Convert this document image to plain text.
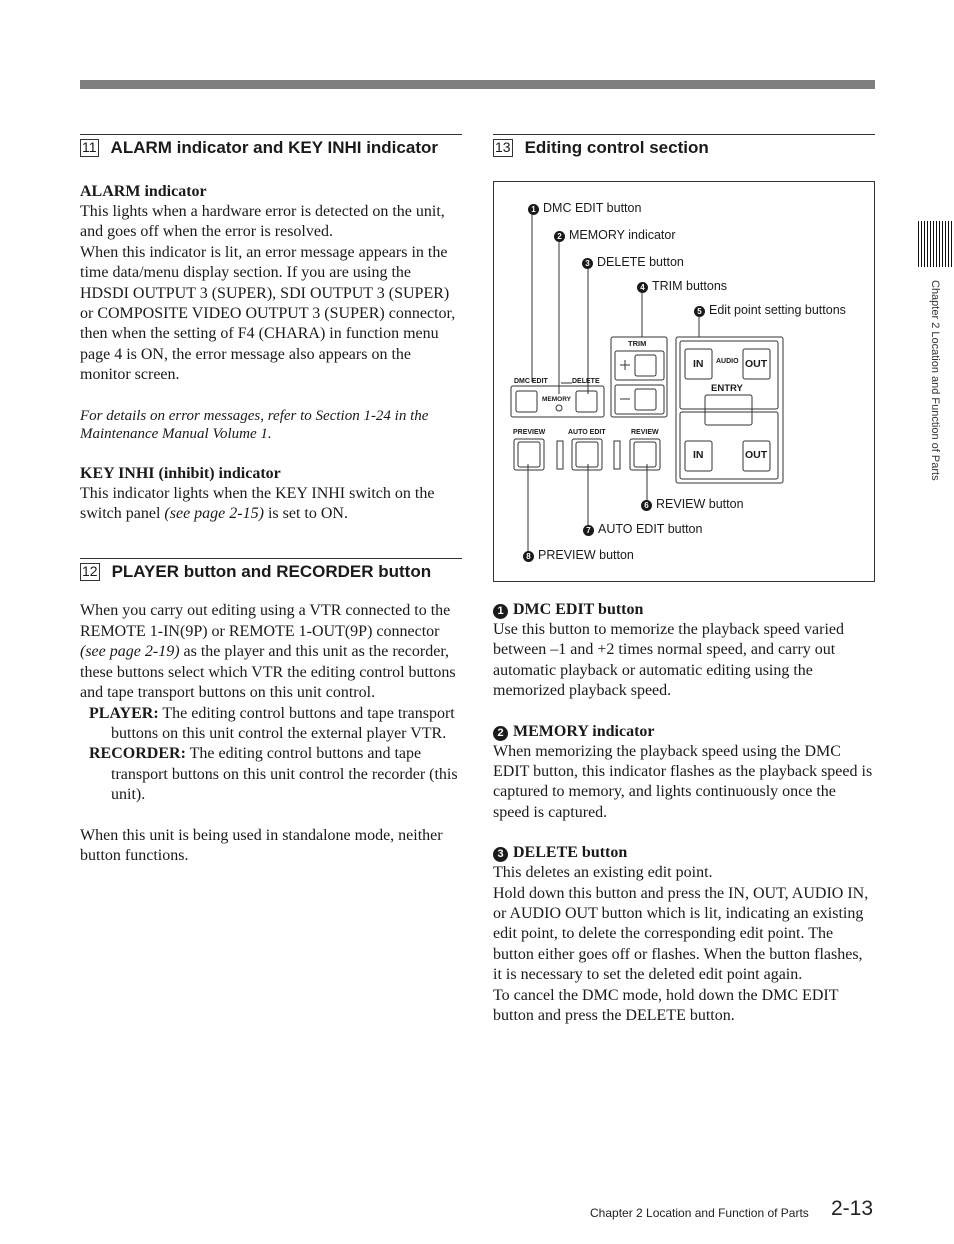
11 ALARM indicator and KEY INHI indicator
ALARM indicator

This lights when a hardware error is detected on the unit, and goes off when the error is resolved.

When this indicator is lit, an error message appears in the time data/menu display section. If you are using the HDSDI OUTPUT 3 (SUPER), SDI OUTPUT 3 (SUPER) or COMPOSITE VIDEO OUTPUT 3 (SUPER) connector, then when the setting of F4 (CHARA) in function menu page 4 is ON, the error message also appears on the monitor screen.

For details on error messages, refer to Section 1-24 in the Maintenance Manual Volume 1.

KEY INHI (inhibit) indicator

This indicator lights when the KEY INHI switch on the switch panel (see page 2-15) is set to ON.

12 PLAYER button and RECORDER button

When you carry out editing using a VTR connected to the REMOTE 1-IN(9P) or REMOTE 1-OUT(9P) connector (see page 2-19) as the player and this unit as the recorder, these buttons select which VTR the editing control buttons and tape transport buttons on this unit control.

PLAYER: The editing control buttons and tape transport buttons on this unit control the external player VTR.

RECORDER: The editing control buttons and tape transport buttons on this unit control the recorder (this unit).

When this unit is being used in standalone mode, neither button functions.

13 Editing control section
1 DMC EDIT button
2 MEMORY indicator
3 DELETE button
4 TRIM buttons
5 Edit point setting buttons
6 REVIEW button
7 AUTO EDIT button
8 PREVIEW button
TRIM
DMC EDIT	DELETE
MEMORY
PREVIEW	AUTO EDIT	REVIEW
AUDIO
ENTRY
IN	OUT
IN	OUT
1 DMC EDIT button

Use this button to memorize the playback speed varied between –1 and +2 times normal speed, and carry out automatic playback or automatic editing using the memorized playback speed.

2 MEMORY indicator

When memorizing the playback speed using the DMC EDIT button, this indicator flashes as the playback speed is captured to memory, and lights continuously once the speed is captured.

3 DELETE button

This deletes an existing edit point.

Hold down this button and press the IN, OUT, AUDIO IN, or AUDIO OUT button which is lit, indicating an existing edit point, to delete the corresponding edit point. The button either goes off or flashes. When the button flashes, it is necessary to set the deleted edit point again.

To cancel the DMC mode, hold down the DMC EDIT button and press the DELETE button.

Chapter 2 Location and Function of Parts
Chapter 2 Location and Function of Parts 2-13
